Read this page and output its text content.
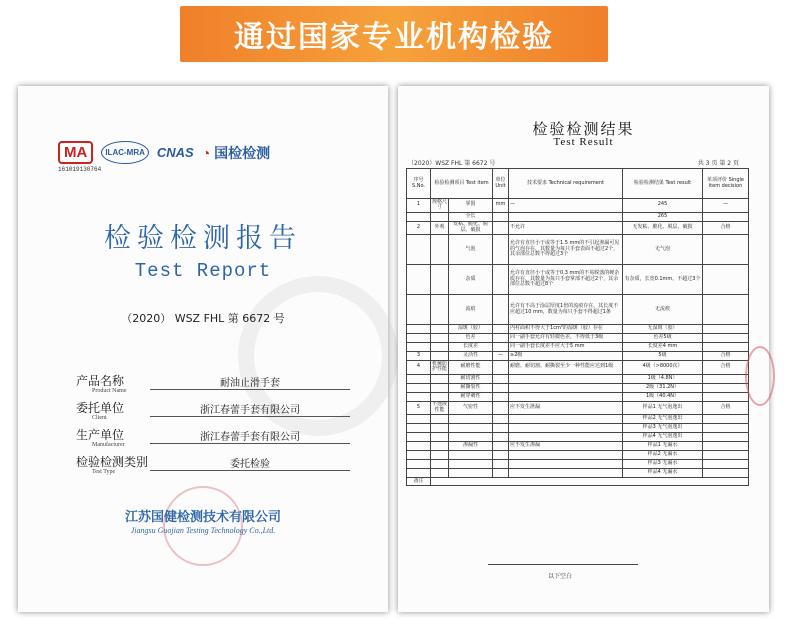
通过国家专业机构检验
MA	ILAC-MRA CNAS ◔ 国检检测
161019130764
检验检测报告
Test Report
（2020） WSZ FHL 第 6672 号
产品名称
Product Name
耐油止滑手套
委托单位
Client
浙江春蕾手套有限公司
生产单位
Manufacturer
浙江春蕾手套有限公司
检验检测类别
Test Type
委托检验
江苏国健检测技术有限公司
Jiangsu Guojian Testing Technology Co.,Ltd.
检验检测结果
Test Result
（2020）WSZ FHL 第 6672 号	共 3 页 第 2 页
序号 S.No.	检验检测项目 Test item		单位 Unit	技术要求 Technical requirement	检验检测结果 Test result	单项评价 Single item decision
1	规格尺寸	掌围	mm	—	245	—
		全长			265	
2	外观	发粘、脆化、脱层、破损		不允许	无发粘、脆化、脱层、破损	合格
		气泡		允许有直径小于或等于1.5 mm的不引起渗漏可见的气泡存在，其数量为每只手套表面不超过2个，其余部位总数不得超过3个	无气泡	
		杂质		允许有直径小于或等于0.3 mm的不易脱落的硬杂质存在，其数量为每只手套掌部不超过2个，其余部位总数不超过8个	有杂质，长宽0.1mm，不超过3个	
		流痕		允许有不高于涂层厚度1倍的流痕存在，其长度不应超过10 mm，数量为每只手套不得超过1条	无流痕	
		湿斑（胶）		内衬面积不得大于1cm²的湿斑（胶）存在	无湿斑（胶）	
		色差		同一副手套允许有轻微色差，不得低于3级	色差5级	
		长度差		同一副手套长度差不应大于5 mm	长度差4 mm	
3		灵活性	—	≥2级	5级	合格
4	机械防护性能	耐磨性能		耐磨、耐切割、耐撕裂至少一种性能应达到1级	4级（>8000次）	合格
		耐切割性			1级（4.8N）	
		耐撕裂性			2级（31.2N）	
		耐穿刺性			1级（40.4N）	
5	不透液性能	气密性		应不发生泄漏	样品1 无气泡逸出	合格
					样品2 无气泡逸出	
					样品3 无气泡逸出	
					样品4 无气泡逸出	
		渗漏性		应不发生渗漏	样品1 无漏水	
					样品2 无漏水	
					样品3 无漏水	
					样品4 无漏水	
备注						
以下空白
